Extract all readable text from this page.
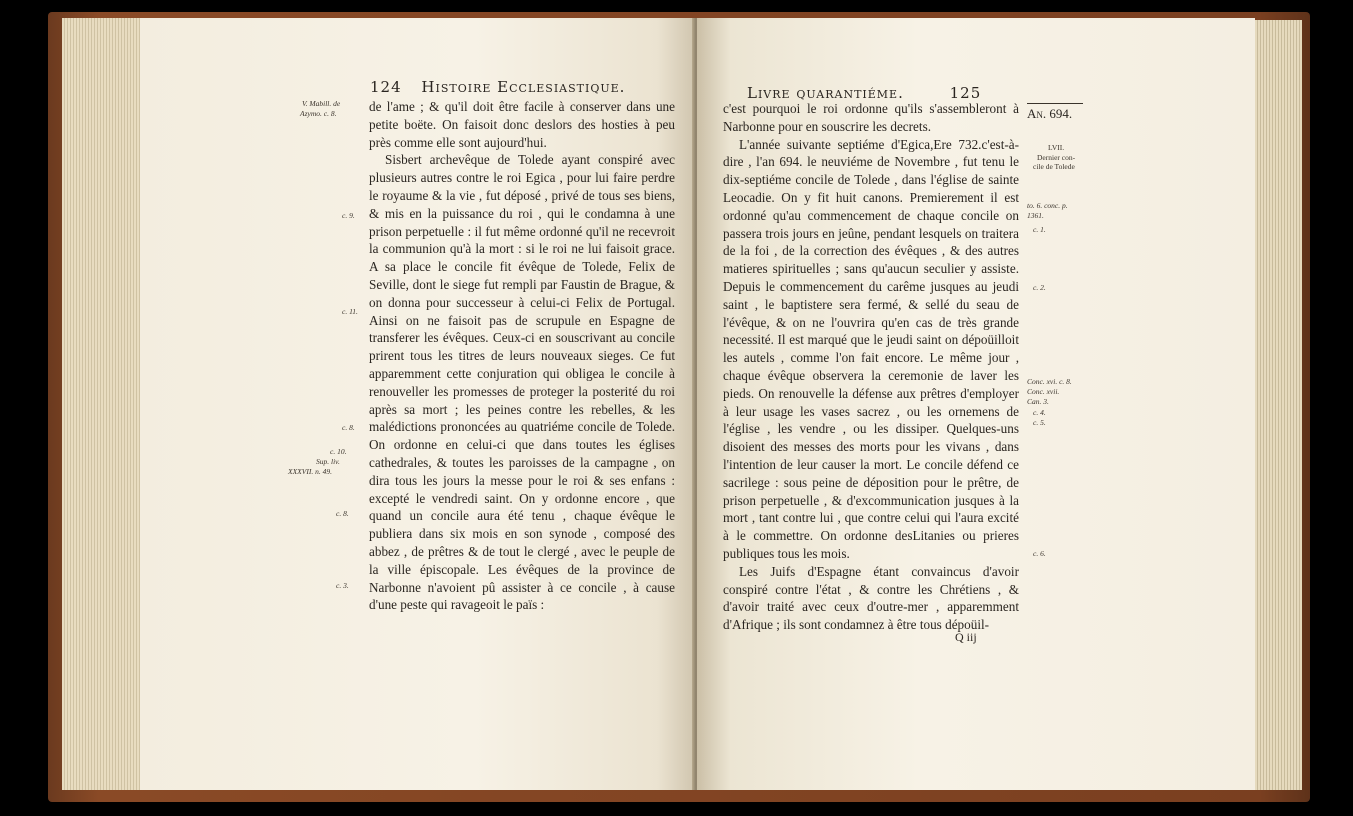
124 Histoire Ecclesiastique.

de l'ame ; & qu'il doit être facile à conserver dans une petite boëte. On faisoit donc deslors des hosties à peu près comme elle sont aujourd'hui.

Sisbert archevêque de Tolede ayant conspiré avec plusieurs autres contre le roi Egica , pour lui faire perdre le royaume & la vie , fut déposé , privé de tous ses biens, & mis en la puissance du roi , qui le condamna à une prison perpetuelle : il fut même ordonné qu'il ne recevroit la communion qu'à la mort : si le roi ne lui faisoit grace. A sa place le concile fit évêque de Tolede, Felix de Seville, dont le siege fut rempli par Faustin de Brague, & on donna pour successeur à celui-ci Felix de Portugal. Ainsi on ne faisoit pas de scrupule en Espagne de transferer les évêques. Ceux-ci en souscrivant au concile prirent tous les titres de leurs nouveaux sieges. Ce fut apparemment cette conjuration qui obligea le concile à renouveller les promesses de proteger la posterité du roi après sa mort ; les peines contre les rebelles, & les malédictions prononcées au quatriéme concile de Tolede. On ordonne en celui-ci que dans toutes les églises cathedrales, & toutes les paroisses de la campagne , on dira tous les jours la messe pour le roi & ses enfans : excepté le vendredi saint. On y ordonne encore , que quand un concile aura été tenu , chaque évêque le publiera dans six mois en son synode , composé des abbez , de prêtres & de tout le clergé , avec le peuple de la ville épiscopale. Les évêques de la province de Narbonne n'avoient pû assister à ce concile , à cause d'une peste qui ravageoit le païs :

V. Mabill. de
Azymo. c. 8.
c. 9.
c. 11.
c. 8.
c. 10.
Sup. liv.
XXXVII. n. 49.
c. 8.
c. 3.
Livre quarantiéme.	125
An. 694.

c'est pourquoi le roi ordonne qu'ils s'assembleront à Narbonne pour en souscrire les decrets.

L'année suivante septiéme d'Egica,Ere 732.c'est-à-dire , l'an 694. le neuviéme de Novembre , fut tenu le dix-septiéme concile de Tolede , dans l'église de sainte Leocadie. On y fit huit canons. Premierement il est ordonné qu'au commencement de chaque concile on passera trois jours en jeûne, pendant lesquels on traitera de la foi , de la correction des évêques , & des autres matieres spirituelles ; sans qu'aucun seculier y assiste. Depuis le commencement du carême jusques au jeudi saint , le baptistere sera fermé, & sellé du seau de l'évêque, & on ne l'ouvrira qu'en cas de très grande necessité. Il est marqué que le jeudi saint on dépoüilloit les autels , comme l'on fait encore. Le même jour , chaque évêque observera la ceremonie de laver les pieds. On renouvelle la défense aux prêtres d'employer à leur usage les vases sacrez , ou les ornemens de l'église , les vendre , ou les dissiper. Quelques-uns disoient des messes des morts pour les vivans , dans l'intention de leur causer la mort. Le concile défend ce sacrilege : sous peine de déposition pour le prêtre, de prison perpetuelle , & d'excommunication jusques à la mort , tant contre lui , que contre celui qui l'aura excité à le commettre. On ordonne desLitanies ou prieres publiques tous les mois.

Les Juifs d'Espagne étant convaincus d'avoir conspiré contre l'état , & contre les Chrétiens , & d'avoir traité avec ceux d'outre-mer , apparemment d'Afrique ; ils sont condamnez à être tous dépoüil-

Q iij
LVII.
Dernier con-
cile de Tolede
to. 6. conc. p.
1361.
c. 1.
c. 2.
Conc. xvi. c. 8.
Conc. xvii.
Can. 3.
c. 4.
c. 5.
c. 6.
